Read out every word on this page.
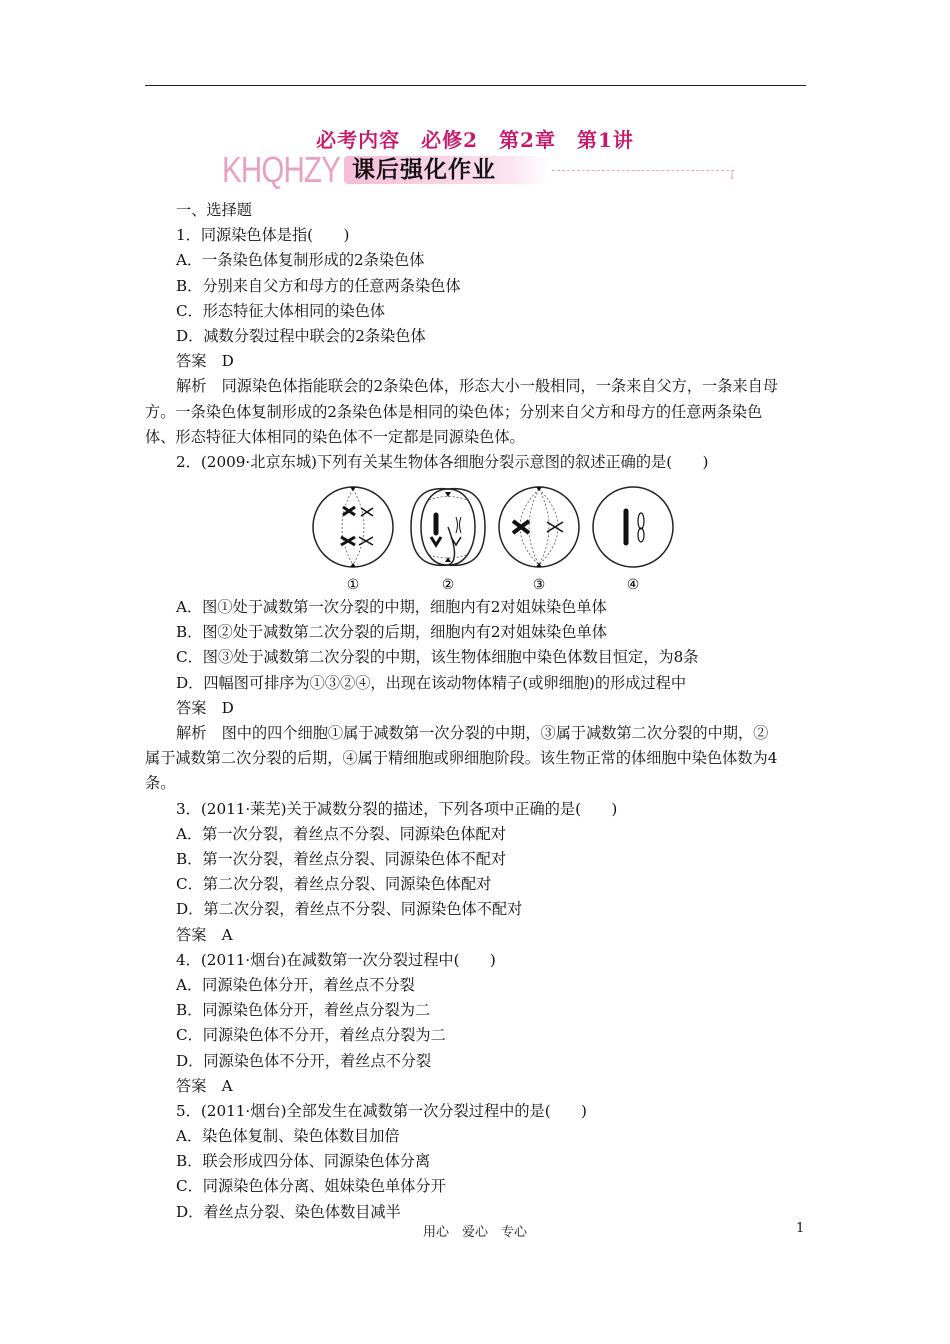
必考内容　必修2　第2章　第1讲
KHQHZY 课后强化作业	↓
一、选择题
1．同源染色体是指(　　)
A．一条染色体复制形成的2条染色体
B．分别来自父方和母方的任意两条染色体
C．形态特征大体相同的染色体
D．减数分裂过程中联会的2条染色体
答案　D
解析　同源染色体指能联会的2条染色体，形态大小一般相同，一条来自父方，一条来自母方。一条染色体复制形成的2条染色体是相同的染色体；分别来自父方和母方的任意两条染色体、形态特征大体相同的染色体不一定都是同源染色体。
2．(2009·北京东城)下列有关某生物体各细胞分裂示意图的叙述正确的是(　　)
①	②	③	④
A．图①处于减数第一次分裂的中期，细胞内有2对姐妹染色单体
B．图②处于减数第二次分裂的后期，细胞内有2对姐妹染色单体
C．图③处于减数第二次分裂的中期，该生物体细胞中染色体数目恒定，为8条
D．四幅图可排序为①③②④，出现在该动物体精子(或卵细胞)的形成过程中
答案　D
解析　图中的四个细胞①属于减数第一次分裂的中期，③属于减数第二次分裂的中期，②属于减数第二次分裂的后期，④属于精细胞或卵细胞阶段。该生物正常的体细胞中染色体数为4条。
3．(2011·莱芜)关于减数分裂的描述，下列各项中正确的是(　　)
A．第一次分裂，着丝点不分裂、同源染色体配对
B．第一次分裂，着丝点分裂、同源染色体不配对
C．第二次分裂，着丝点分裂、同源染色体配对
D．第二次分裂，着丝点不分裂、同源染色体不配对
答案　A
4．(2011·烟台)在减数第一次分裂过程中(　　)
A．同源染色体分开，着丝点不分裂
B．同源染色体分开，着丝点分裂为二
C．同源染色体不分开，着丝点分裂为二
D．同源染色体不分开，着丝点不分裂
答案　A
5．(2011·烟台)全部发生在减数第一次分裂过程中的是(　　)
A．染色体复制、染色体数目加倍
B．联会形成四分体、同源染色体分离
C．同源染色体分离、姐妹染色单体分开
D．着丝点分裂、染色体数目减半
用心　爱心　专心	1
